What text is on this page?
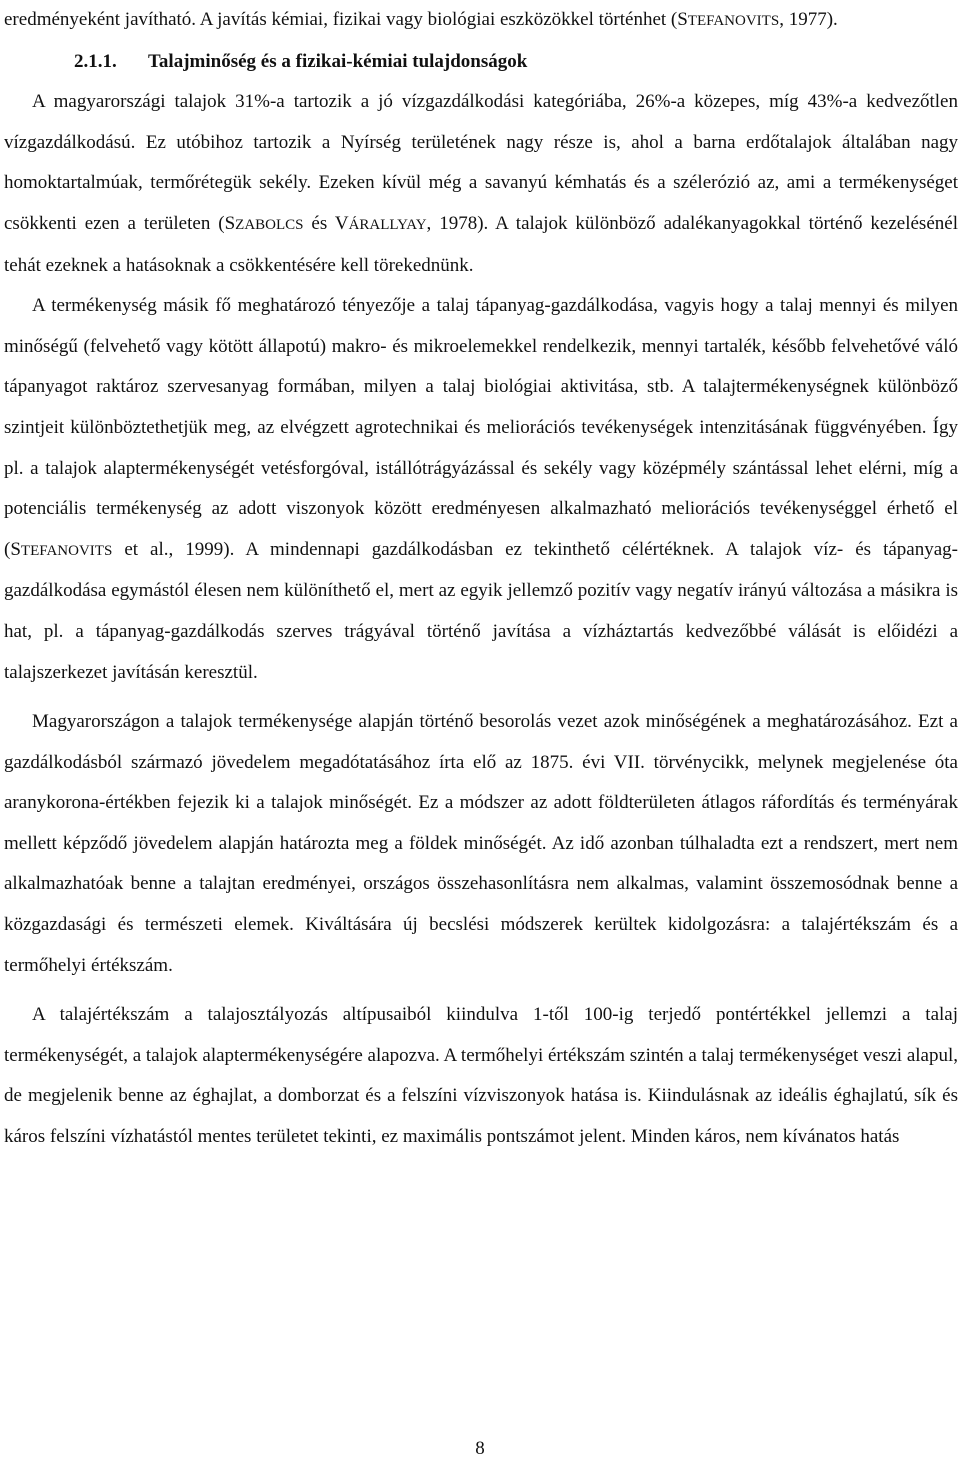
eredményeként javítható. A javítás kémiai, fizikai vagy biológiai eszközökkel történhet (STEFANOVITS, 1977).

2.1.1. Talajminőség és a fizikai-kémiai tulajdonságok

A magyarországi talajok 31%-a tartozik a jó vízgazdálkodási kategóriába, 26%-a közepes, míg 43%-a kedvezőtlen vízgazdálkodású. Ez utóbihoz tartozik a Nyírség területének nagy része is, ahol a barna erdőtalajok általában nagy homoktartalmúak, termőrétegük sekély. Ezeken kívül még a savanyú kémhatás és a szélerózió az, ami a termékenységet csökkenti ezen a területen (SZABOLCS és VÁRALLYAY, 1978). A talajok különböző adalékanyagokkal történő kezelésénél tehát ezeknek a hatásoknak a csökkentésére kell törekednünk.

A termékenység másik fő meghatározó tényezője a talaj tápanyag-gazdálkodása, vagyis hogy a talaj mennyi és milyen minőségű (felvehető vagy kötött állapotú) makro- és mikroelemekkel rendelkezik, mennyi tartalék, később felvehetővé váló tápanyagot raktároz szervesanyag formában, milyen a talaj biológiai aktivitása, stb. A talajtermékenységnek különböző szintjeit különböztethetjük meg, az elvégzett agrotechnikai és meliorációs tevékenységek intenzitásának függvényében. Így pl. a talajok alaptermékenységét vetésforgóval, istállótrágyázással és sekély vagy középmély szántással lehet elérni, míg a potenciális termékenység az adott viszonyok között eredményesen alkalmazható meliorációs tevékenységgel érhető el (STEFANOVITS et al., 1999). A mindennapi gazdálkodásban ez tekinthető célértéknek. A talajok víz- és tápanyag-gazdálkodása egymástól élesen nem különíthető el, mert az egyik jellemző pozitív vagy negatív irányú változása a másikra is hat, pl. a tápanyag-gazdálkodás szerves trágyával történő javítása a vízháztartás kedvezőbbé válását is előidézi a talajszerkezet javításán keresztül.

Magyarországon a talajok termékenysége alapján történő besorolás vezet azok minőségének a meghatározásához. Ezt a gazdálkodásból származó jövedelem megadótatásához írta elő az 1875. évi VII. törvénycikk, melynek megjelenése óta aranykorona-értékben fejezik ki a talajok minőségét. Ez a módszer az adott földterületen átlagos ráfordítás és terményárak mellett képződő jövedelem alapján határozta meg a földek minőségét. Az idő azonban túlhaladta ezt a rendszert, mert nem alkalmazhatóak benne a talajtan eredményei, országos összehasonlításra nem alkalmas, valamint összemosódnak benne a közgazdasági és természeti elemek. Kiváltására új becslési módszerek kerültek kidolgozásra: a talajértékszám és a termőhelyi értékszám.

A talajértékszám a talajosztályozás altípusaiból kiindulva 1-től 100-ig terjedő pontértékkel jellemzi a talaj termékenységét, a talajok alaptermékenységére alapozva. A termőhelyi értékszám szintén a talaj termékenységet veszi alapul, de megjelenik benne az éghajlat, a domborzat és a felszíni vízviszonyok hatása is. Kiindulásnak az ideális éghajlatú, sík és káros felszíni vízhatástól mentes területet tekinti, ez maximális pontszámot jelent. Minden káros, nem kívánatos hatás

8
